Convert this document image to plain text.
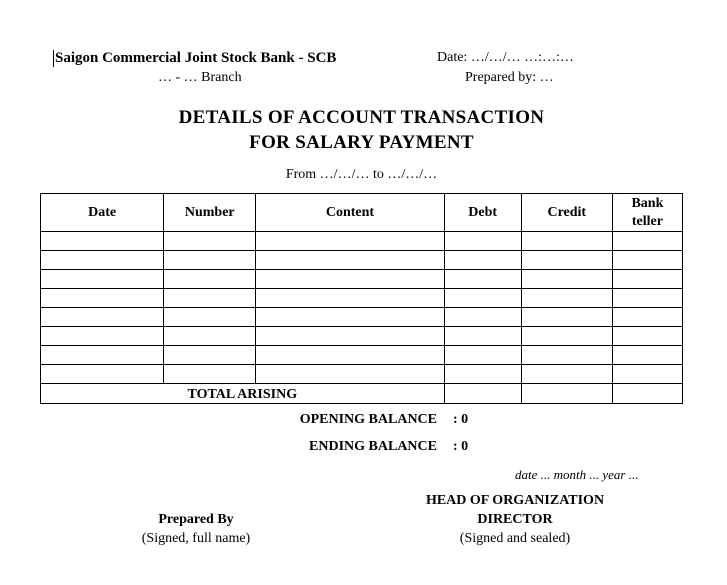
Saigon Commercial Joint Stock Bank - SCB
… - … Branch
Date: …/…/… …:…:…
Prepared by: …
DETAILS OF ACCOUNT TRANSACTION
FOR SALARY PAYMENT
From …/…/… to …/…/…
Date	Number	Content	Debt	Credit	Bank teller

TOTAL ARISING					
OPENING BALANCE : 0
ENDING BALANCE : 0
date ... month ... year ...
Prepared By
(Signed, full name)
HEAD OF ORGANIZATION
DIRECTOR
(Signed and sealed)
